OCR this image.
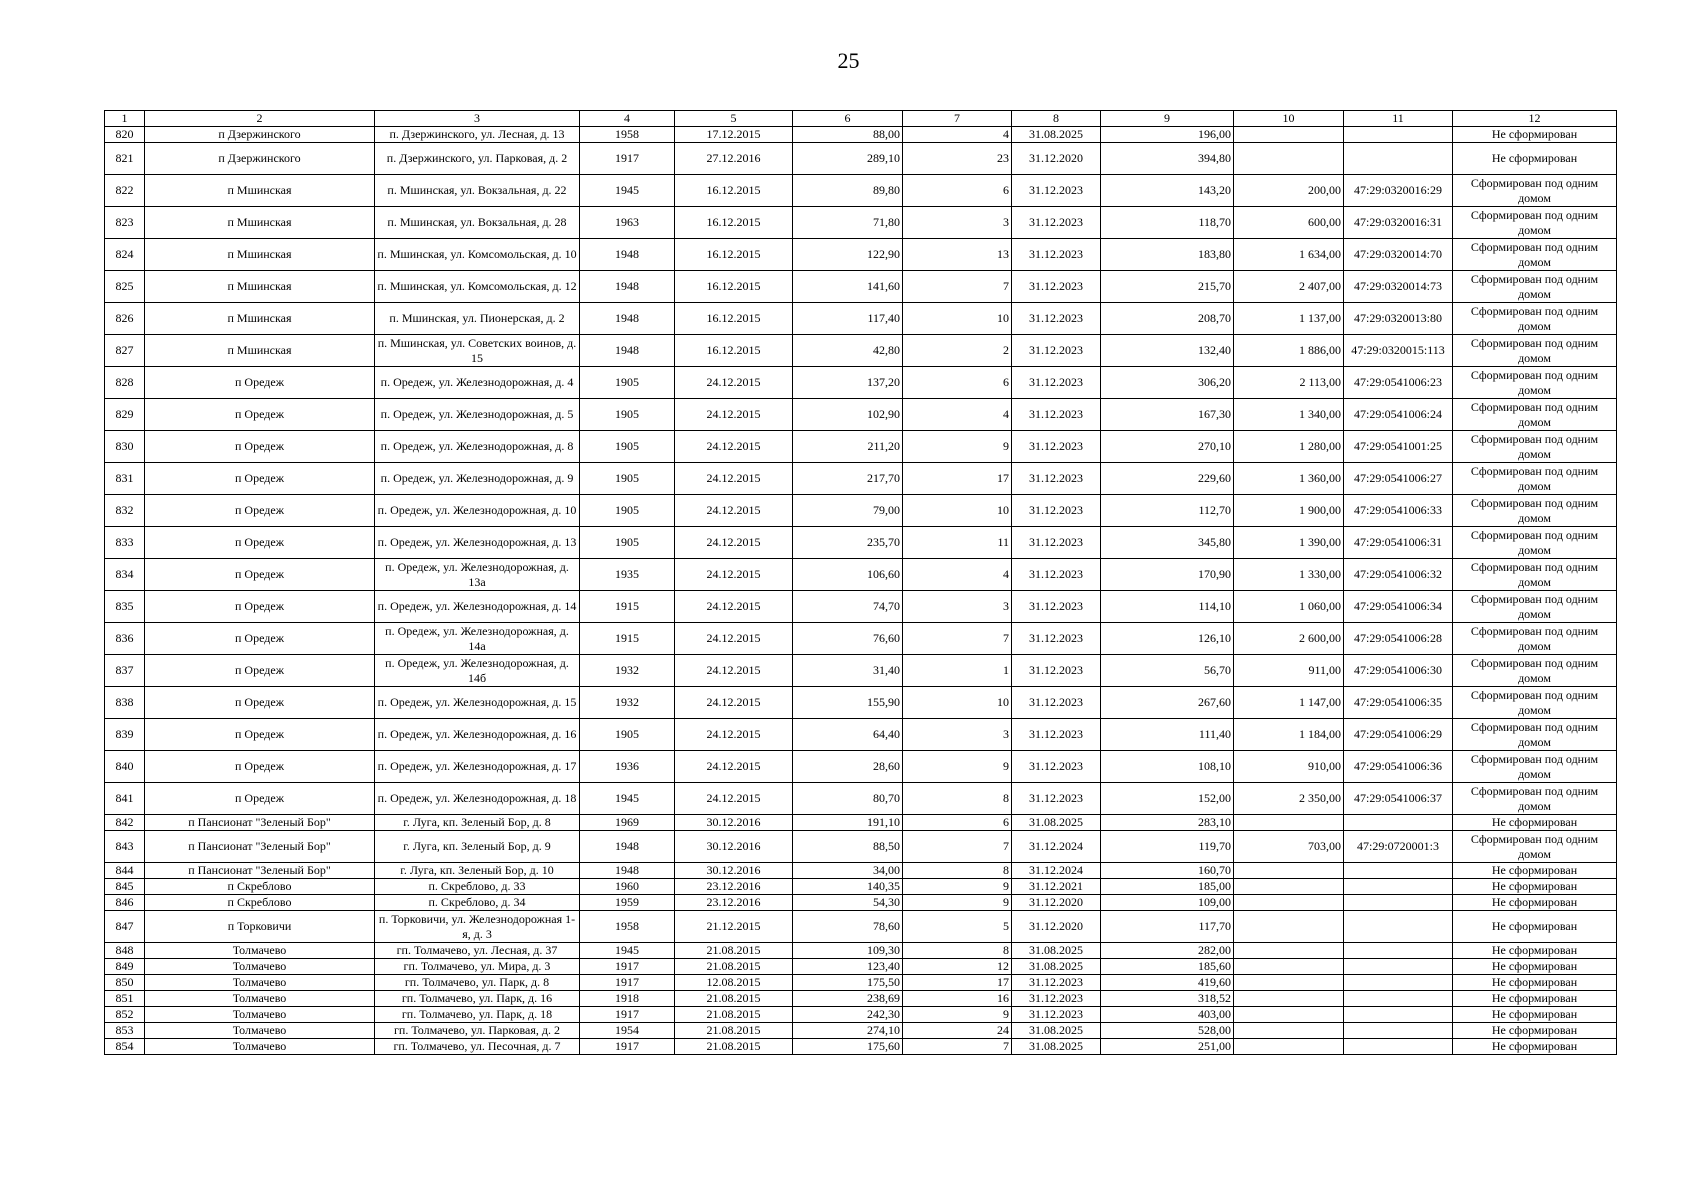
25
1	2	3	4	5	6	7	8	9	10	11	12
820	п Дзержинского	п. Дзержинского, ул. Лесная, д. 13	1958	17.12.2015	88,00	4	31.08.2025	196,00			Не сформирован
821	п Дзержинского	п. Дзержинского, ул. Парковая, д. 2	1917	27.12.2016	289,10	23	31.12.2020	394,80			Не сформирован
822	п Мшинская	п. Мшинская, ул. Вокзальная, д. 22	1945	16.12.2015	89,80	6	31.12.2023	143,20	200,00	47:29:0320016:29	Сформирован под одним домом
823	п Мшинская	п. Мшинская, ул. Вокзальная, д. 28	1963	16.12.2015	71,80	3	31.12.2023	118,70	600,00	47:29:0320016:31	Сформирован под одним домом
824	п Мшинская	п. Мшинская, ул. Комсомольская, д. 10	1948	16.12.2015	122,90	13	31.12.2023	183,80	1 634,00	47:29:0320014:70	Сформирован под одним домом
825	п Мшинская	п. Мшинская, ул. Комсомольская, д. 12	1948	16.12.2015	141,60	7	31.12.2023	215,70	2 407,00	47:29:0320014:73	Сформирован под одним домом
826	п Мшинская	п. Мшинская, ул. Пионерская, д. 2	1948	16.12.2015	117,40	10	31.12.2023	208,70	1 137,00	47:29:0320013:80	Сформирован под одним домом
827	п Мшинская	п. Мшинская, ул. Советских воинов, д. 15	1948	16.12.2015	42,80	2	31.12.2023	132,40	1 886,00	47:29:0320015:113	Сформирован под одним домом
828	п Оредеж	п. Оредеж, ул. Железнодорожная, д. 4	1905	24.12.2015	137,20	6	31.12.2023	306,20	2 113,00	47:29:0541006:23	Сформирован под одним домом
829	п Оредеж	п. Оредеж, ул. Железнодорожная, д. 5	1905	24.12.2015	102,90	4	31.12.2023	167,30	1 340,00	47:29:0541006:24	Сформирован под одним домом
830	п Оредеж	п. Оредеж, ул. Железнодорожная, д. 8	1905	24.12.2015	211,20	9	31.12.2023	270,10	1 280,00	47:29:0541001:25	Сформирован под одним домом
831	п Оредеж	п. Оредеж, ул. Железнодорожная, д. 9	1905	24.12.2015	217,70	17	31.12.2023	229,60	1 360,00	47:29:0541006:27	Сформирован под одним домом
832	п Оредеж	п. Оредеж, ул. Железнодорожная, д. 10	1905	24.12.2015	79,00	10	31.12.2023	112,70	1 900,00	47:29:0541006:33	Сформирован под одним домом
833	п Оредеж	п. Оредеж, ул. Железнодорожная, д. 13	1905	24.12.2015	235,70	11	31.12.2023	345,80	1 390,00	47:29:0541006:31	Сформирован под одним домом
834	п Оредеж	п. Оредеж, ул. Железнодорожная, д. 13а	1935	24.12.2015	106,60	4	31.12.2023	170,90	1 330,00	47:29:0541006:32	Сформирован под одним домом
835	п Оредеж	п. Оредеж, ул. Железнодорожная, д. 14	1915	24.12.2015	74,70	3	31.12.2023	114,10	1 060,00	47:29:0541006:34	Сформирован под одним домом
836	п Оредеж	п. Оредеж, ул. Железнодорожная, д. 14а	1915	24.12.2015	76,60	7	31.12.2023	126,10	2 600,00	47:29:0541006:28	Сформирован под одним домом
837	п Оредеж	п. Оредеж, ул. Железнодорожная, д. 14б	1932	24.12.2015	31,40	1	31.12.2023	56,70	911,00	47:29:0541006:30	Сформирован под одним домом
838	п Оредеж	п. Оредеж, ул. Железнодорожная, д. 15	1932	24.12.2015	155,90	10	31.12.2023	267,60	1 147,00	47:29:0541006:35	Сформирован под одним домом
839	п Оредеж	п. Оредеж, ул. Железнодорожная, д. 16	1905	24.12.2015	64,40	3	31.12.2023	111,40	1 184,00	47:29:0541006:29	Сформирован под одним домом
840	п Оредеж	п. Оредеж, ул. Железнодорожная, д. 17	1936	24.12.2015	28,60	9	31.12.2023	108,10	910,00	47:29:0541006:36	Сформирован под одним домом
841	п Оредеж	п. Оредеж, ул. Железнодорожная, д. 18	1945	24.12.2015	80,70	8	31.12.2023	152,00	2 350,00	47:29:0541006:37	Сформирован под одним домом
842	п Пансионат "Зеленый Бор"	г. Луга, кп. Зеленый Бор, д. 8	1969	30.12.2016	191,10	6	31.08.2025	283,10			Не сформирован
843	п Пансионат "Зеленый Бор"	г. Луга, кп. Зеленый Бор, д. 9	1948	30.12.2016	88,50	7	31.12.2024	119,70	703,00	47:29:0720001:3	Сформирован под одним домом
844	п Пансионат "Зеленый Бор"	г. Луга, кп. Зеленый Бор, д. 10	1948	30.12.2016	34,00	8	31.12.2024	160,70			Не сформирован
845	п Скреблово	п. Скреблово, д. 33	1960	23.12.2016	140,35	9	31.12.2021	185,00			Не сформирован
846	п Скреблово	п. Скреблово, д. 34	1959	23.12.2016	54,30	9	31.12.2020	109,00			Не сформирован
847	п Торковичи	п. Торковичи, ул. Железнодорожная 1-я, д. 3	1958	21.12.2015	78,60	5	31.12.2020	117,70			Не сформирован
848	Толмачево	гп. Толмачево, ул. Лесная, д. 37	1945	21.08.2015	109,30	8	31.08.2025	282,00			Не сформирован
849	Толмачево	гп. Толмачево, ул. Мира, д. 3	1917	21.08.2015	123,40	12	31.08.2025	185,60			Не сформирован
850	Толмачево	гп. Толмачево, ул. Парк, д. 8	1917	12.08.2015	175,50	17	31.12.2023	419,60			Не сформирован
851	Толмачево	гп. Толмачево, ул. Парк, д. 16	1918	21.08.2015	238,69	16	31.12.2023	318,52			Не сформирован
852	Толмачево	гп. Толмачево, ул. Парк, д. 18	1917	21.08.2015	242,30	9	31.12.2023	403,00			Не сформирован
853	Толмачево	гп. Толмачево, ул. Парковая, д. 2	1954	21.08.2015	274,10	24	31.08.2025	528,00			Не сформирован
854	Толмачево	гп. Толмачево, ул. Песочная, д. 7	1917	21.08.2015	175,60	7	31.08.2025	251,00			Не сформирован
